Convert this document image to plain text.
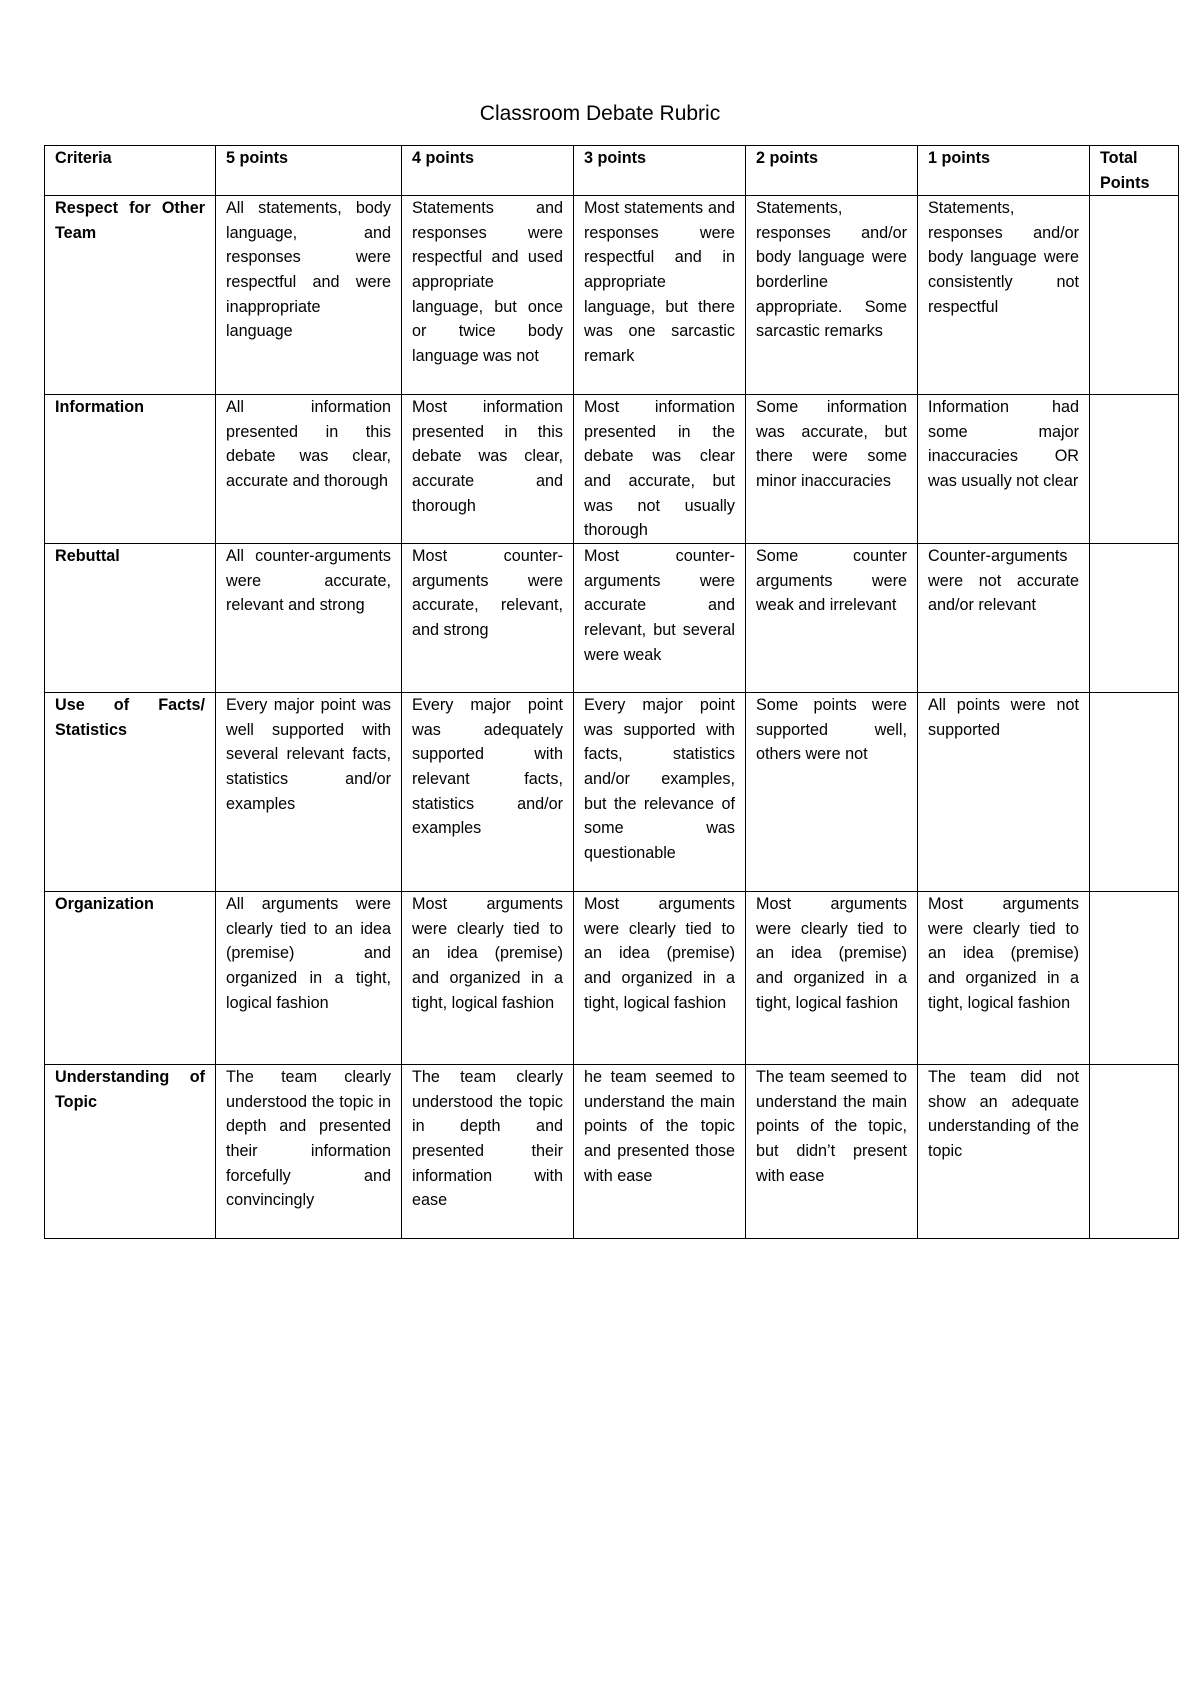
Classroom Debate Rubric
Criteria	5 points	4 points	3 points	2 points	1 points	Total Points
Respect for Other Team	All statements, body language, and responses were respectful and were inappropriate language	Statements and responses were respectful and used appropriate language, but once or twice body language was not	Most statements and responses were respectful and in appropriate language, but there was one sarcastic remark	Statements, responses and/or body language were borderline appropriate. Some sarcastic remarks	Statements, responses and/or body language were consistently not respectful	
Information	All information presented in this debate was clear, accurate and thorough	Most information presented in this debate was clear, accurate and thorough	Most information presented in the debate was clear and accurate, but was not usually thorough	Some information was accurate, but there were some minor inaccuracies	Information had some major inaccuracies OR was usually not clear	
Rebuttal	All counter-arguments were accurate, relevant and strong	Most counter-arguments were accurate, relevant, and strong	Most counter-arguments were accurate and relevant, but several were weak	Some counter arguments were weak and irrelevant	Counter-arguments were not accurate and/or relevant	
Use of Facts/ Statistics	Every major point was well supported with several relevant facts, statistics and/or examples	Every major point was adequately supported with relevant facts, statistics and/or examples	Every major point was supported with facts, statistics and/or examples, but the relevance of some was questionable	Some points were supported well, others were not	All points were not supported	
Organization	All arguments were clearly tied to an idea (premise) and organized in a tight, logical fashion	Most arguments were clearly tied to an idea (premise) and organized in a tight, logical fashion	Most arguments were clearly tied to an idea (premise) and organized in a tight, logical fashion	Most arguments were clearly tied to an idea (premise) and organized in a tight, logical fashion	Most arguments were clearly tied to an idea (premise) and organized in a tight, logical fashion	
Understanding of Topic	The team clearly understood the topic in depth and presented their information forcefully and convincingly	The team clearly understood the topic in depth and presented their information with ease	he team seemed to understand the main points of the topic and presented those with ease	The team seemed to understand the main points of the topic, but didn’t present with ease	The team did not show an adequate understanding of the topic	
